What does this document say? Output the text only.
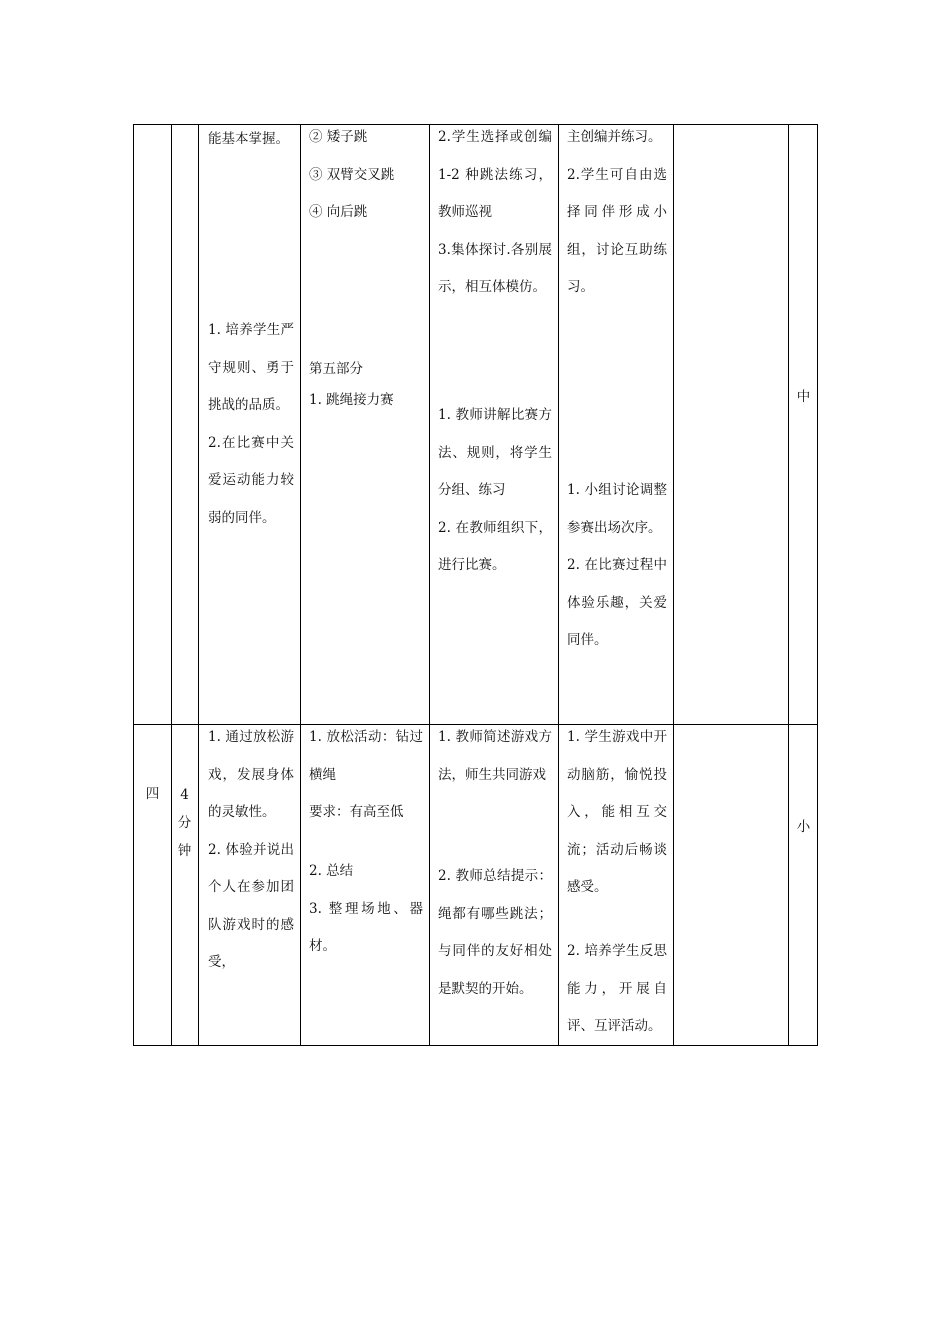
能基本掌握。

1. 培养学生严守规则、勇于挑战的品质。

2.在比赛中关爱运动能力较弱的同伴。

② 矮子跳

③ 双臂交叉跳

④ 向后跳

第五部分

1. 跳绳接力赛

2.学生选择或创编1-2 种跳法练习，教师巡视

3.集体探讨.各别展示，相互体模仿。

1. 教师讲解比赛方法、规则，将学生分组、练习

2. 在教师组织下，进行比赛。

主创编并练习。

2.学生可自由选择同伴形成小组，讨论互助练习。

1. 小组讨论调整参赛出场次序。

2. 在比赛过程中体验乐趣，关爱同伴。

中
四	4
分
钟

1. 通过放松游戏，发展身体的灵敏性。

2. 体验并说出个人在参加团队游戏时的感受，

1. 放松活动：钻过横绳

要求：有高至低

2. 总结

3. 整理场地、器材。

1. 教师简述游戏方法，师生共同游戏

2. 教师总结提示：绳都有哪些跳法；与同伴的友好相处是默契的开始。

1. 学生游戏中开动脑筋，愉悦投入，能相互交流；活动后畅谈感受。

2. 培养学生反思能力，开展自评、互评活动。

小
